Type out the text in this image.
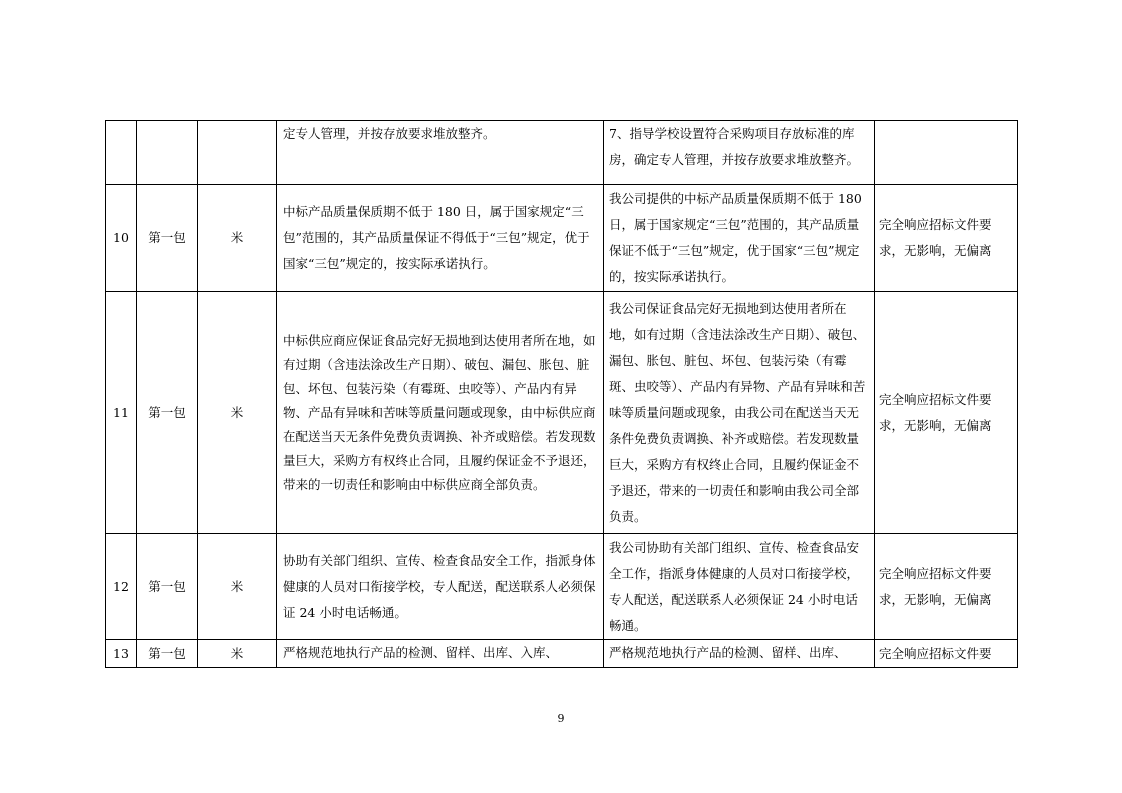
			定专人管理，并按存放要求堆放整齐。	7、指导学校设置符合采购项目存放标准的库房，确定专人管理，并按存放要求堆放整齐。	
10	第一包	米	中标产品质量保质期不低于 180 日，属于国家规定“三包”范围的，其产品质量保证不得低于“三包”规定，优于国家“三包”规定的，按实际承诺执行。	我公司提供的中标产品质量保质期不低于 180 日，属于国家规定“三包”范围的，其产品质量保证不低于“三包”规定，优于国家“三包”规定的，按实际承诺执行。	完全响应招标文件要求，无影响，无偏离
11	第一包	米	中标供应商应保证食品完好无损地到达使用者所在地，如有过期（含违法涂改生产日期）、破包、漏包、胀包、脏包、坏包、包装污染（有霉斑、虫咬等）、产品内有异物、产品有异味和苦味等质量问题或现象，由中标供应商在配送当天无条件免费负责调换、补齐或赔偿。若发现数量巨大，采购方有权终止合同，且履约保证金不予退还，带来的一切责任和影响由中标供应商全部负责。	我公司保证食品完好无损地到达使用者所在地，如有过期（含违法涂改生产日期）、破包、漏包、胀包、脏包、坏包、包装污染（有霉斑、虫咬等）、产品内有异物、产品有异味和苦味等质量问题或现象，由我公司在配送当天无条件免费负责调换、补齐或赔偿。若发现数量巨大，采购方有权终止合同，且履约保证金不予退还，带来的一切责任和影响由我公司全部负责。	完全响应招标文件要求，无影响，无偏离
12	第一包	米	协助有关部门组织、宣传、检查食品安全工作，指派身体健康的人员对口衔接学校，专人配送，配送联系人必须保证 24 小时电话畅通。	我公司协助有关部门组织、宣传、检查食品安全工作，指派身体健康的人员对口衔接学校，专人配送，配送联系人必须保证 24 小时电话畅通。	完全响应招标文件要求，无影响，无偏离
13	第一包	米	严格规范地执行产品的检测、留样、出库、入库、	严格规范地执行产品的检测、留样、出库、	完全响应招标文件要
9
